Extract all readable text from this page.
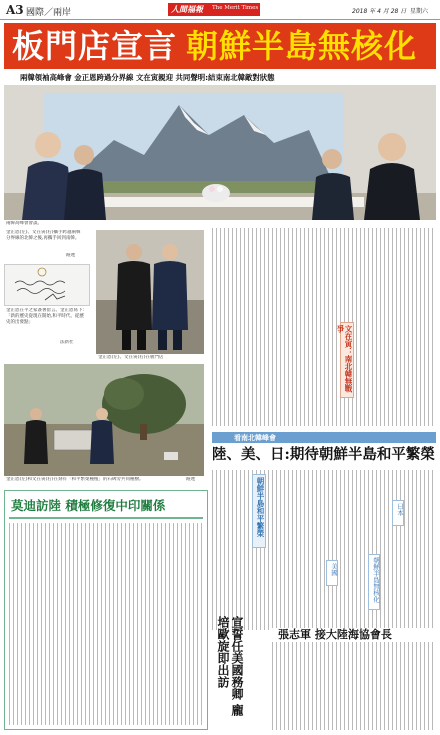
A3 國際／兩岸	人間福報 The Merit Times	2018 年 4 月 28 日 星期六
板門店宣言 朝鮮半島無核化
兩韓領袖高峰會 金正恩跨過分界線 文在寅親迎 共同聲明:結束南北韓敵對狀態
兩韓高峰會會談。
金正恩(左)、文在寅(右)攜手跨越兩韓分界線的北韓之後,再攜手回到南韓。
路透
金正恩在平之家簽署留言。金正恩寫下:「新的歷史從現在開始,和平時代、從歷史的出發點」
法新社
金正恩(左)、文在寅(右)在板門店
金正恩(左)和文在寅(右)在刻有「和平繁榮種植」的石碑旁共同種樹。	路透
文在寅：南北韓無戰爭
看南北韓峰會
陸、美、日:期待朝鮮半島和平繁榮
朝鮮半島和平繁榮	日本
美國	朝鮮半島無核化
莫迪訪陸 積極修復中印關係
宣誓任美國務卿 龐培歐旋即出訪	張志軍 接大陸海協會長
